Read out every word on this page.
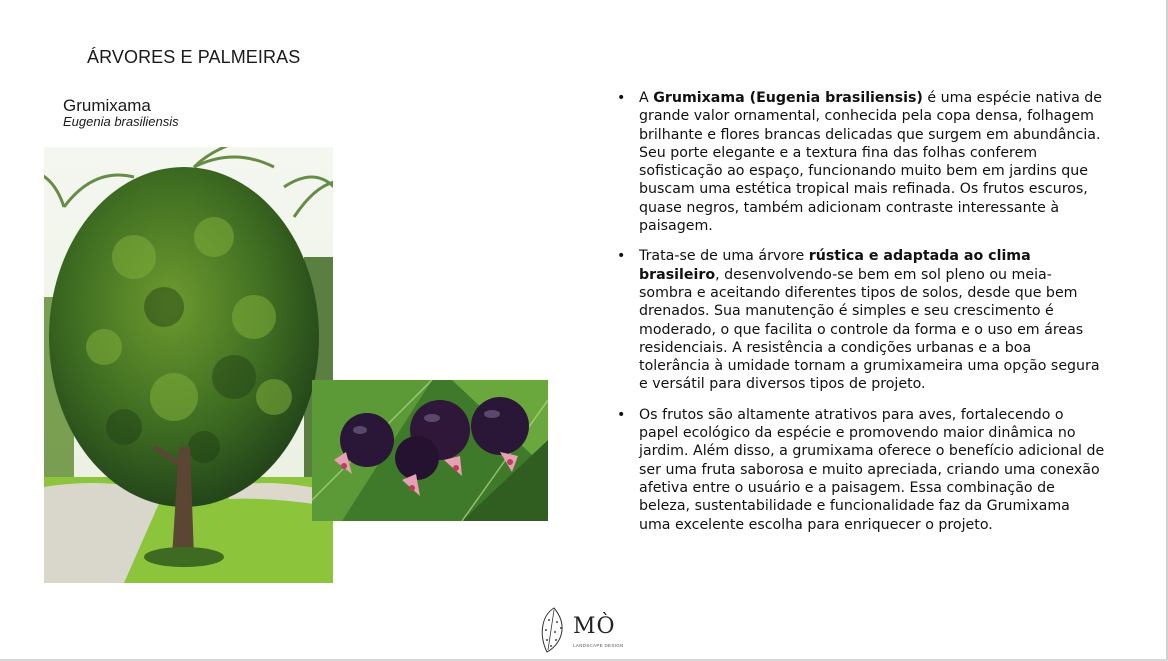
ÁRVORES E PALMEIRAS
Grumixama
Eugenia brasiliensis
• A Grumixama (Eugenia brasiliensis) é uma espécie nativa de grande valor ornamental, conhecida pela copa densa, folhagem brilhante e flores brancas delicadas que surgem em abundância. Seu porte elegante e a textura fina das folhas conferem sofisticação ao espaço, funcionando muito bem em jardins que buscam uma estética tropical mais refinada. Os frutos escuros, quase negros, também adicionam contraste interessante à paisagem.
• Trata-se de uma árvore rústica e adaptada ao clima brasileiro, desenvolvendo-se bem em sol pleno ou meia-sombra e aceitando diferentes tipos de solos, desde que bem drenados. Sua manutenção é simples e seu crescimento é moderado, o que facilita o controle da forma e o uso em áreas residenciais. A resistência a condições urbanas e a boa tolerância à umidade tornam a grumixameira uma opção segura e versátil para diversos tipos de projeto.
• Os frutos são altamente atrativos para aves, fortalecendo o papel ecológico da espécie e promovendo maior dinâmica no jardim. Além disso, a grumixama oferece o benefício adicional de ser uma fruta saborosa e muito apreciada, criando uma conexão afetiva entre o usuário e a paisagem. Essa combinação de beleza, sustentabilidade e funcionalidade faz da Grumixama uma excelente escolha para enriquecer o projeto.
MÒ
LANDSCAPE DESIGN
